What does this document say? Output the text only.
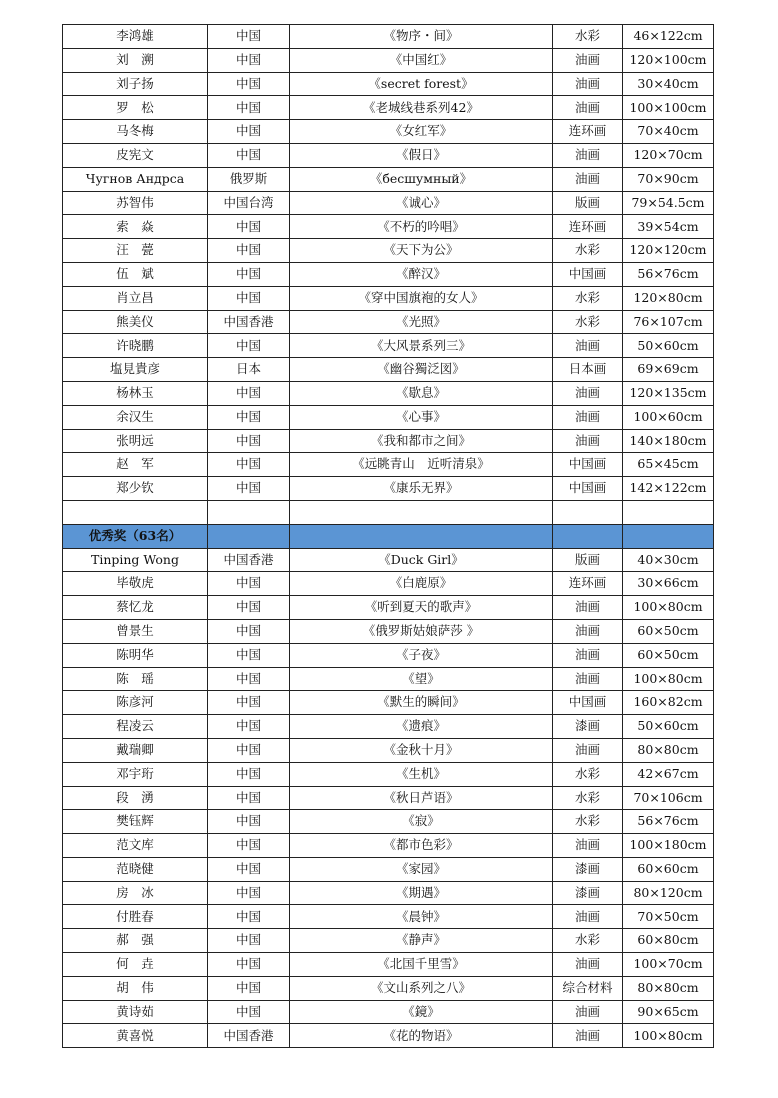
李鸿雄	中国	《物序・间》	水彩	46×122cm
刘　溯	中国	《中国红》	油画	120×100cm
刘子扬	中国	《secret forest》	油画	30×40cm
罗　松	中国	《老城线巷系列42》	油画	100×100cm
马冬梅	中国	《女红军》	连环画	70×40cm
皮宪文	中国	《假日》	油画	120×70cm
Чугнов Андрсa	俄罗斯	《бесшумный》	油画	70×90cm
苏智伟	中国台湾	《诚心》	版画	79×54.5cm
索　焱	中国	《不朽的吟唱》	连环画	39×54cm
汪　甍	中国	《天下为公》	水彩	120×120cm
伍　斌	中国	《醉汉》	中国画	56×76cm
肖立昌	中国	《穿中国旗袍的女人》	水彩	120×80cm
熊美仪	中国香港	《光照》	水彩	76×107cm
许晓鹏	中国	《大风景系列三》	油画	50×60cm
塩見貴彦	日本	《幽谷獨泛図》	日本画	69×69cm
杨林玉	中国	《歇息》	油画	120×135cm
余汉生	中国	《心事》	油画	100×60cm
张明远	中国	《我和都市之间》	油画	140×180cm
赵　军	中国	《远眺青山　近听清泉》	中国画	65×45cm
郑少钦	中国	《康乐无界》	中国画	142×122cm

优秀奖（63名）				
Tinping Wong	中国香港	《Duck Girl》	版画	40×30cm
毕敬虎	中国	《白鹿原》	连环画	30×66cm
蔡忆龙	中国	《听到夏天的歌声》	油画	100×80cm
曾景生	中国	《俄罗斯姑娘萨莎 》	油画	60×50cm
陈明华	中国	《子夜》	油画	60×50cm
陈　瑶	中国	《望》	油画	100×80cm
陈彦河	中国	《默生的瞬间》	中国画	160×82cm
程凌云	中国	《遗痕》	漆画	50×60cm
戴瑞卿	中国	《金秋十月》	油画	80×80cm
邓宇珩	中国	《生机》	水彩	42×67cm
段　湧	中国	《秋日芦语》	水彩	70×106cm
樊钰辉	中国	《寂》	水彩	56×76cm
范文库	中国	《都市色彩》	油画	100×180cm
范晓健	中国	《家园》	漆画	60×60cm
房　冰	中国	《期遇》	漆画	80×120cm
付胜春	中国	《晨钟》	油画	70×50cm
郝　强	中国	《静声》	水彩	60×80cm
何　垚	中国	《北国千里雪》	油画	100×70cm
胡　伟	中国	《文山系列之八》	综合材料	80×80cm
黄诗茹	中国	《鏡》	油画	90×65cm
黄喜悦	中国香港	《花的物语》	油画	100×80cm
